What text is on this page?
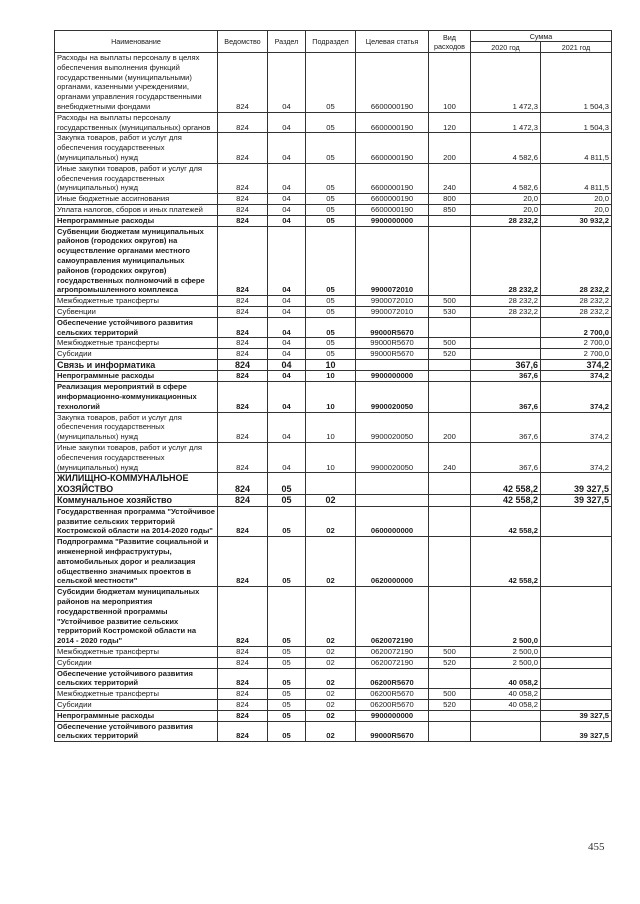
Наименование	Ведомство	Раздел	Подраздел	Целевая статья	Вид расходов	Сумма	
						2020 год	2021 год
Расходы на выплаты персоналу в целях обеспечения выполнения функций государственными (муниципальными) органами, казенными учреждениями, органами управления государственными внебюджетными фондами	824	04	05	6600000190	100	1 472,3	1 504,3
Расходы на выплаты персоналу государственных (муниципальных) органов	824	04	05	6600000190	120	1 472,3	1 504,3
Закупка товаров, работ и услуг для обеспечения государственных (муниципальных) нужд	824	04	05	6600000190	200	4 582,6	4 811,5
Иные закупки товаров, работ и услуг для обеспечения государственных (муниципальных) нужд	824	04	05	6600000190	240	4 582,6	4 811,5
Иные бюджетные ассигнования	824	04	05	6600000190	800	20,0	20,0
Уплата налогов, сборов и иных платежей	824	04	05	6600000190	850	20,0	20,0
Непрограммные расходы	824	04	05	9900000000		28 232,2	30 932,2
Субвенции бюджетам муниципальных районов (городских округов) на осуществление органами местного самоуправления муниципальных районов (городских округов) государственных полномочий в сфере агропромышленного комплекса	824	04	05	9900072010		28 232,2	28 232,2
Межбюджетные трансферты	824	04	05	9900072010	500	28 232,2	28 232,2
Субвенции	824	04	05	9900072010	530	28 232,2	28 232,2
Обеспечение устойчивого развития сельских территорий	824	04	05	99000R5670			2 700,0
Межбюджетные трансферты	824	04	05	99000R5670	500		2 700,0
Субсидии	824	04	05	99000R5670	520		2 700,0
Связь и информатика	824	04	10			367,6	374,2
Непрограммные расходы	824	04	10	9900000000		367,6	374,2
Реализация мероприятий в сфере информационно-коммуникационных технологий	824	04	10	9900020050		367,6	374,2
Закупка товаров, работ и услуг для обеспечения государственных (муниципальных) нужд	824	04	10	9900020050	200	367,6	374,2
Иные закупки товаров, работ и услуг для обеспечения государственных (муниципальных) нужд	824	04	10	9900020050	240	367,6	374,2
ЖИЛИЩНО-КОММУНАЛЬНОЕ ХОЗЯЙСТВО	824	05				42 558,2	39 327,5
Коммунальное хозяйство	824	05	02			42 558,2	39 327,5
Государственная программа "Устойчивое развитие сельских территорий Костромской области на 2014-2020 годы"	824	05	02	0600000000		42 558,2	
Подпрограмма "Развитие социальной и инженерной инфраструктуры, автомобильных дорог и реализация общественно значимых проектов в сельской местности"	824	05	02	0620000000		42 558,2	
Субсидии бюджетам муниципальных районов на мероприятия государственной программы "Устойчивое развитие сельских территорий Костромской области на 2014 - 2020 годы"	824	05	02	0620072190		2 500,0	
Межбюджетные трансферты	824	05	02	0620072190	500	2 500,0	
Субсидии	824	05	02	0620072190	520	2 500,0	
Обеспечение устойчивого развития сельских территорий	824	05	02	06200R5670		40 058,2	
Межбюджетные трансферты	824	05	02	06200R5670	500	40 058,2	
Субсидии	824	05	02	06200R5670	520	40 058,2	
Непрограммные расходы	824	05	02	9900000000			39 327,5
Обеспечение устойчивого развития сельских территорий	824	05	02	99000R5670			39 327,5
455
